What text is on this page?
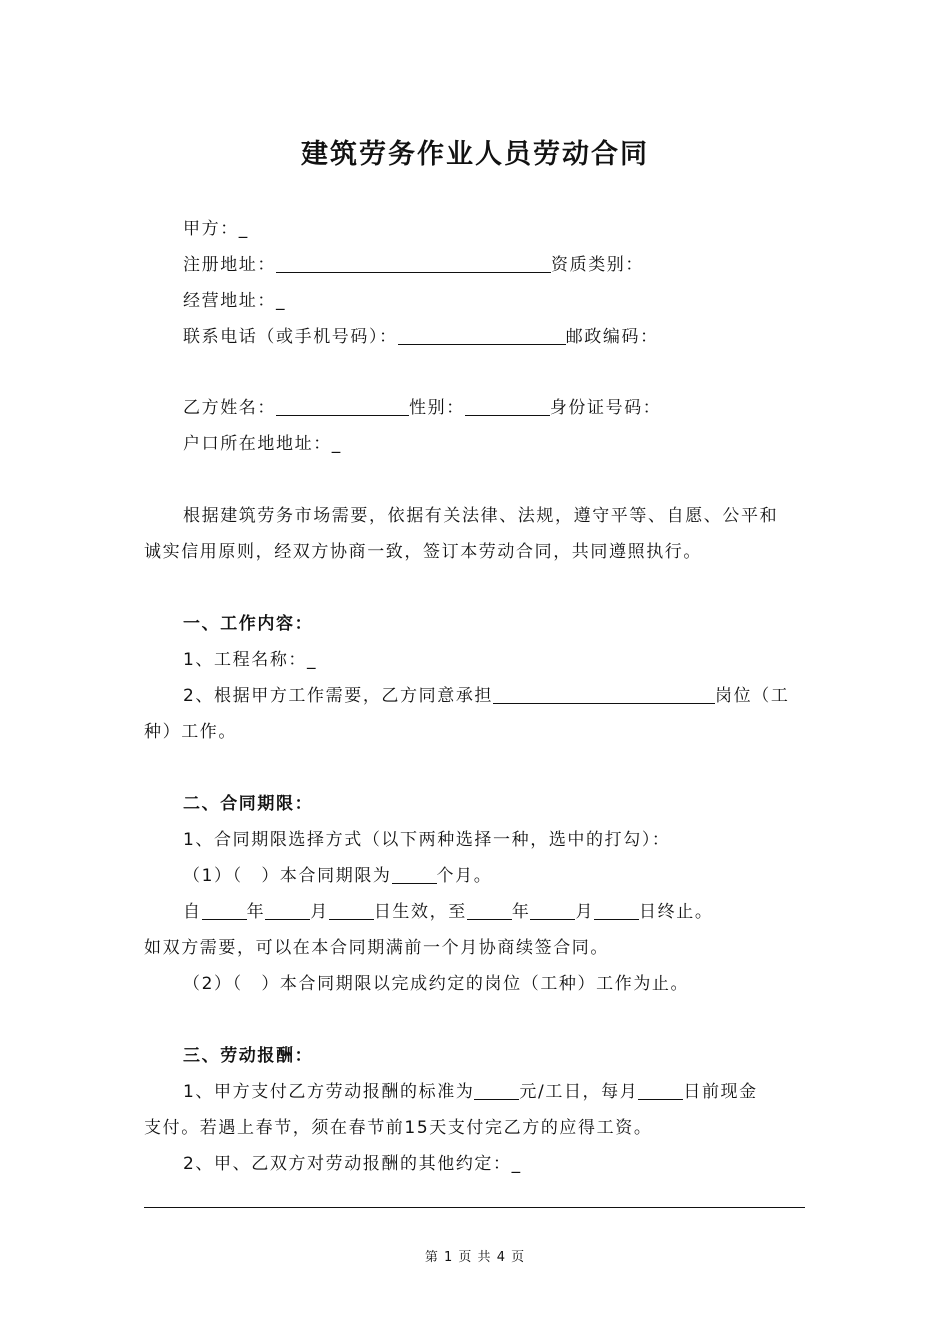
建筑劳务作业人员劳动合同
甲方：_
注册地址：	资质类别：
经营地址：_
联系电话（或手机号码）：	邮政编码：
乙方姓名：	性别：	身份证号码：
户口所在地地址：_
根据建筑劳务市场需要，依据有关法律、法规，遵守平等、自愿、公平和
诚实信用原则，经双方协商一致，签订本劳动合同，共同遵照执行。
一、工作内容：
1、工程名称：_
2、根据甲方工作需要，乙方同意承担	岗位（工
种）工作。
二、合同期限：
1、合同期限选择方式（以下两种选择一种，选中的打勾）：
（1）（　）本合同期限为	个月。
自	年	月	日生效，至	年	月	日终止。
如双方需要，可以在本合同期满前一个月协商续签合同。
（2）（　）本合同期限以完成约定的岗位（工种）工作为止。
三、劳动报酬：
1、甲方支付乙方劳动报酬的标准为	元/工日，每月	日前现金
支付。若遇上春节，须在春节前15天支付完乙方的应得工资。
2、甲、乙双方对劳动报酬的其他约定：_
第 1 页 共 4 页
